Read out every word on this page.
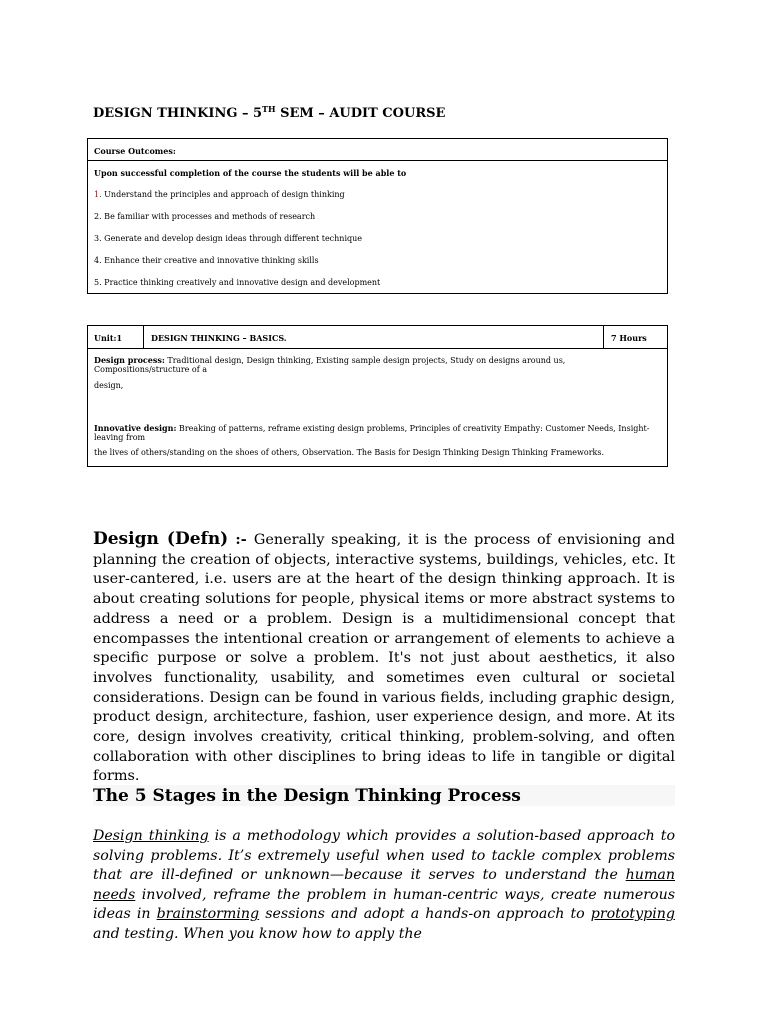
DESIGN THINKING – 5TH SEM – AUDIT COURSE
Course Outcomes:
Upon successful completion of the course the students will be able to
1. Understand the principles and approach of design thinking
2. Be familiar with processes and methods of research
3. Generate and develop design ideas through different technique
4. Enhance their creative and innovative thinking skills
5. Practice thinking creatively and innovative design and development
Unit:1	DESIGN THINKING – BASICS.	7 Hours
Design process: Traditional design, Design thinking, Existing sample design projects, Study on designs around us, Compositions/structure of a
design,
Innovative design: Breaking of patterns, reframe existing design problems, Principles of creativity Empathy: Customer Needs, Insight-leaving from
the lives of others/standing on the shoes of others, Observation. The Basis for Design Thinking Design Thinking Frameworks.
Design (Defn) :- Generally speaking, it is the process of envisioning and planning the creation of objects, interactive systems, buildings, vehicles, etc. It user-cantered, i.e. users are at the heart of the design thinking approach. It is about creating solutions for people, physical items or more abstract systems to address a need or a problem. Design is a multidimensional concept that encompasses the intentional creation or arrangement of elements to achieve a specific purpose or solve a problem. It's not just about aesthetics, it also involves functionality, usability, and sometimes even cultural or societal considerations. Design can be found in various fields, including graphic design, product design, architecture, fashion, user experience design, and more. At its core, design involves creativity, critical thinking, problem-solving, and often collaboration with other disciplines to bring ideas to life in tangible or digital forms.
The 5 Stages in the Design Thinking Process
Design thinking is a methodology which provides a solution-based approach to solving problems. It’s extremely useful when used to tackle complex problems that are ill-defined or unknown—because it serves to understand the human needs involved, reframe the problem in human-centric ways, create numerous ideas in brainstorming sessions and adopt a hands-on approach to prototyping and testing. When you know how to apply the
